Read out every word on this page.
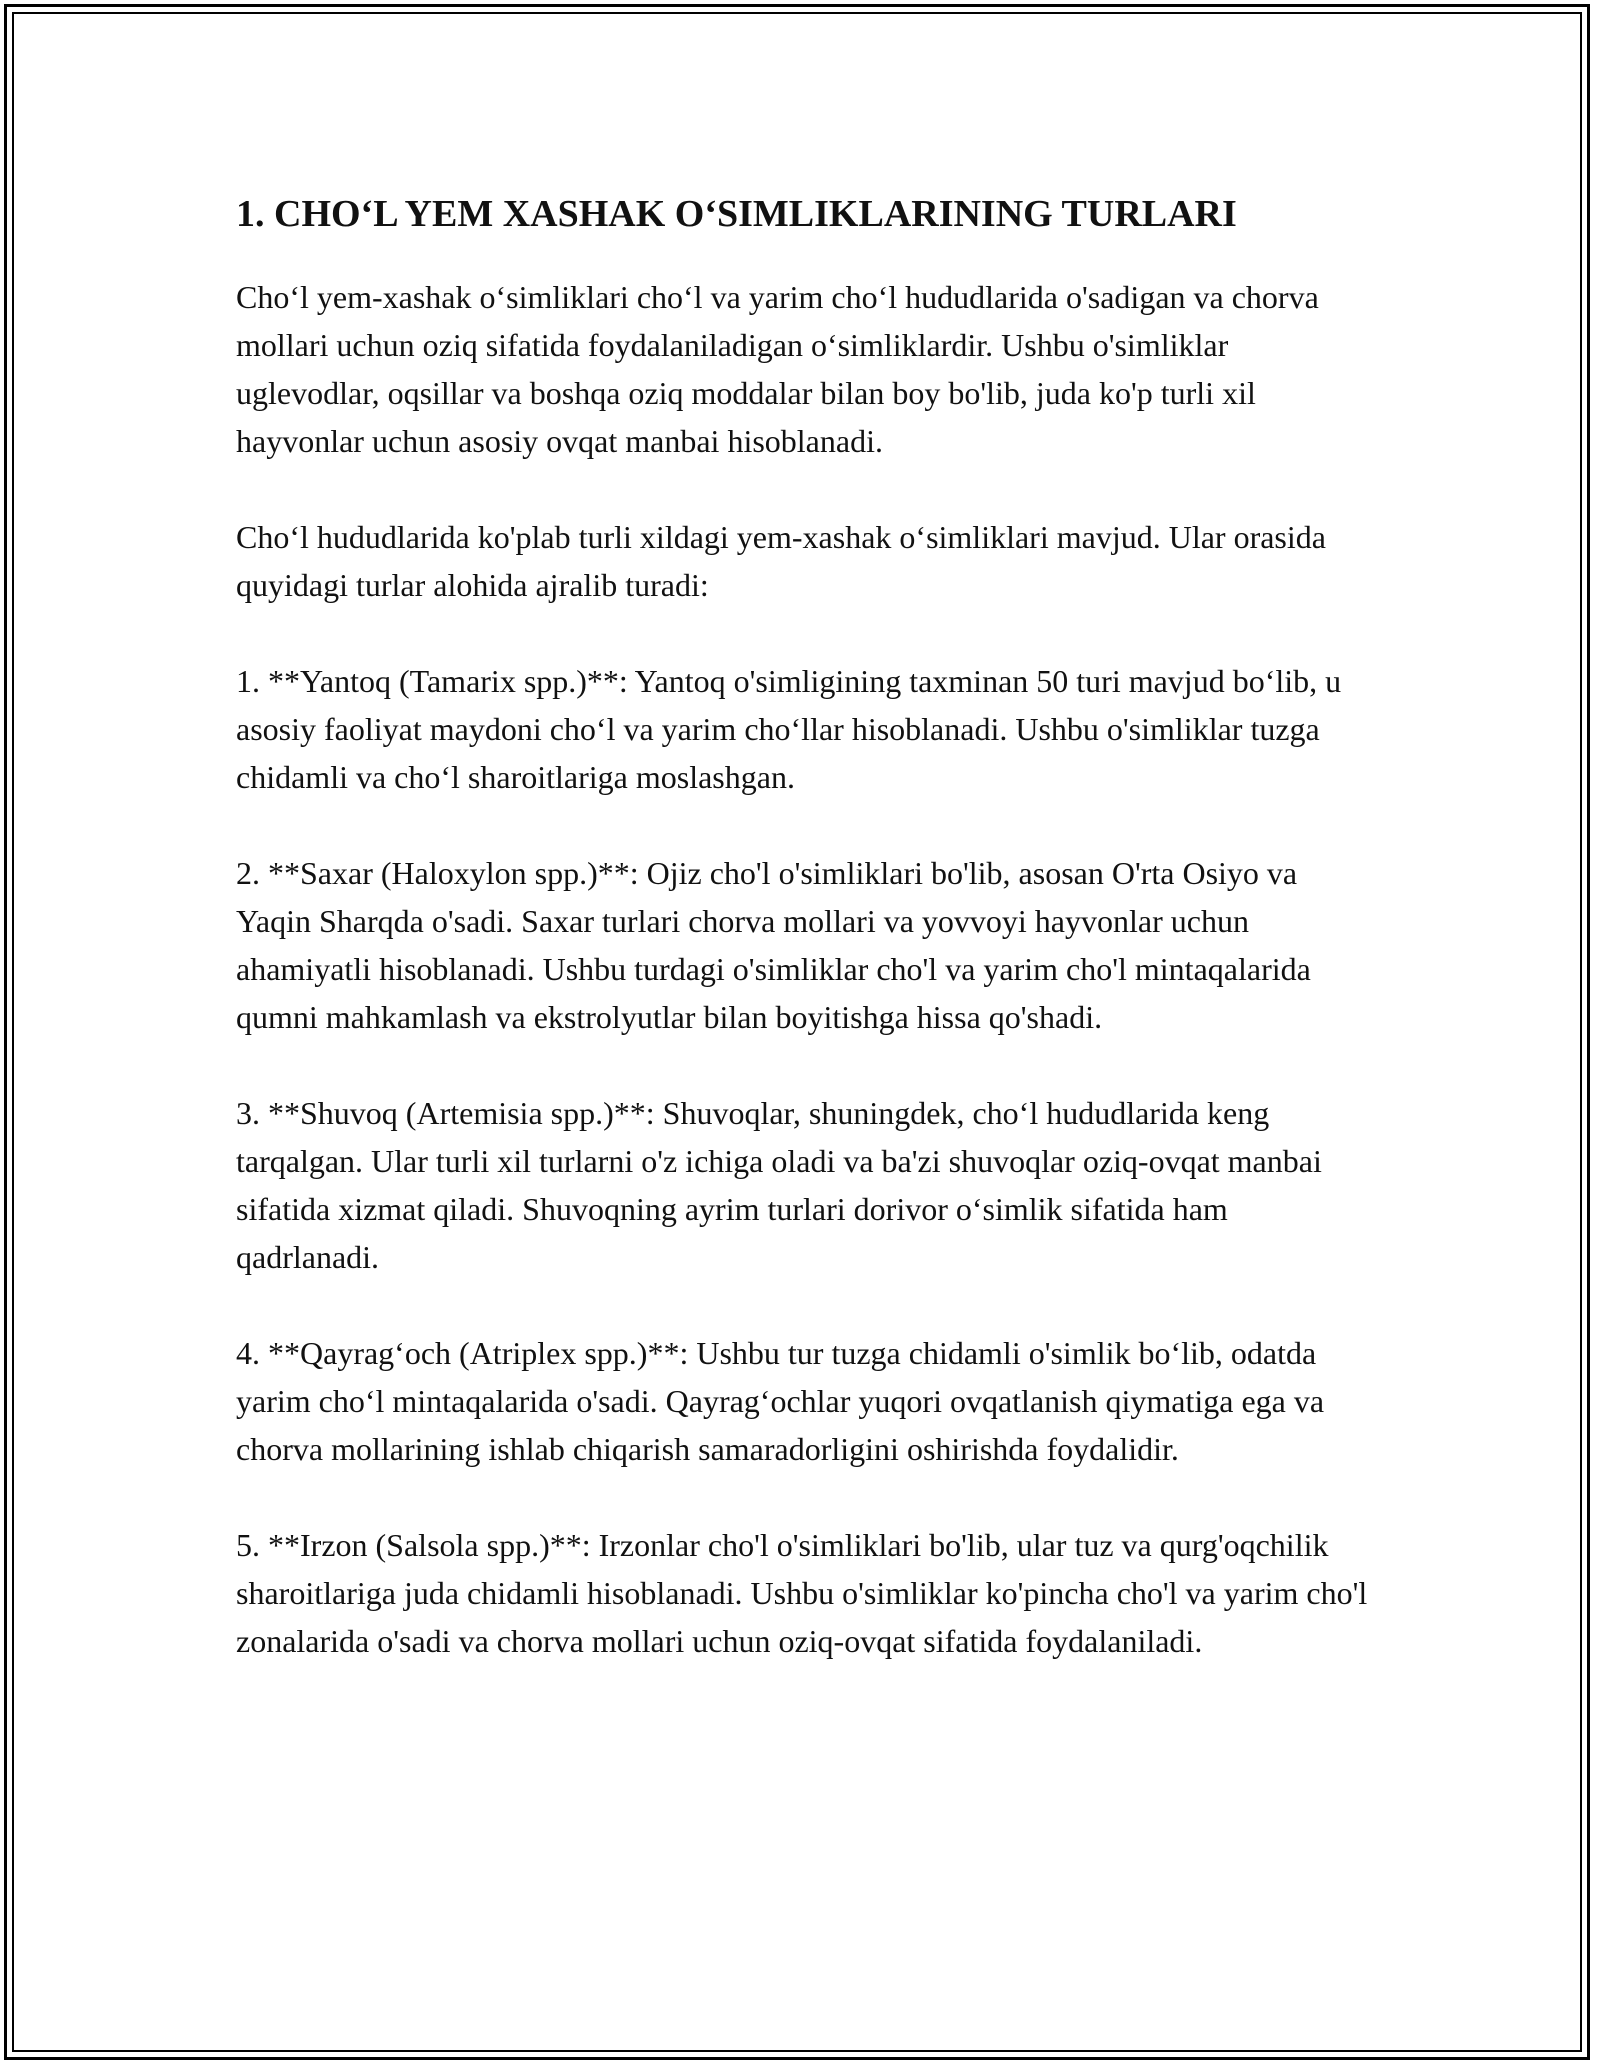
1. CHO‘L YEM XASHAK O‘SIMLIKLARINING TURLARI

Cho‘l yem-xashak o‘simliklari cho‘l va yarim cho‘l hududlarida o'sadigan va chorva mollari uchun oziq sifatida foydalaniladigan o‘simliklardir. Ushbu o'simliklar uglevodlar, oqsillar va boshqa oziq moddalar bilan boy bo'lib, juda ko'p turli xil hayvonlar uchun asosiy ovqat manbai hisoblanadi.

Cho‘l hududlarida ko'plab turli xildagi yem-xashak o‘simliklari mavjud. Ular orasida quyidagi turlar alohida ajralib turadi:

1. **Yantoq (Tamarix spp.)**: Yantoq o'simligining taxminan 50 turi mavjud bo‘lib, u asosiy faoliyat maydoni cho‘l va yarim cho‘llar hisoblanadi. Ushbu o'simliklar tuzga chidamli va cho‘l sharoitlariga moslashgan.

2. **Saxar (Haloxylon spp.)**: Ojiz cho'l o'simliklari bo'lib, asosan O'rta Osiyo va Yaqin Sharqda o'sadi. Saxar turlari chorva mollari va yovvoyi hayvonlar uchun ahamiyatli hisoblanadi. Ushbu turdagi o'simliklar cho'l va yarim cho'l mintaqalarida qumni mahkamlash va ekstrolyutlar bilan boyitishga hissa qo'shadi.

3. **Shuvoq (Artemisia spp.)**: Shuvoqlar, shuningdek, cho‘l hududlarida keng tarqalgan. Ular turli xil turlarni o'z ichiga oladi va ba'zi shuvoqlar oziq-ovqat manbai sifatida xizmat qiladi. Shuvoqning ayrim turlari dorivor o‘simlik sifatida ham qadrlanadi.

4. **Qayrag‘och (Atriplex spp.)**: Ushbu tur tuzga chidamli o'simlik bo‘lib, odatda yarim cho‘l mintaqalarida o'sadi. Qayrag‘ochlar yuqori ovqatlanish qiymatiga ega va chorva mollarining ishlab chiqarish samaradorligini oshirishda foydalidir.

5. **Irzon (Salsola spp.)**: Irzonlar cho'l o'simliklari bo'lib, ular tuz va qurg'oqchilik sharoitlariga juda chidamli hisoblanadi. Ushbu o'simliklar ko'pincha cho'l va yarim cho'l zonalarida o'sadi va chorva mollari uchun oziq-ovqat sifatida foydalaniladi.
